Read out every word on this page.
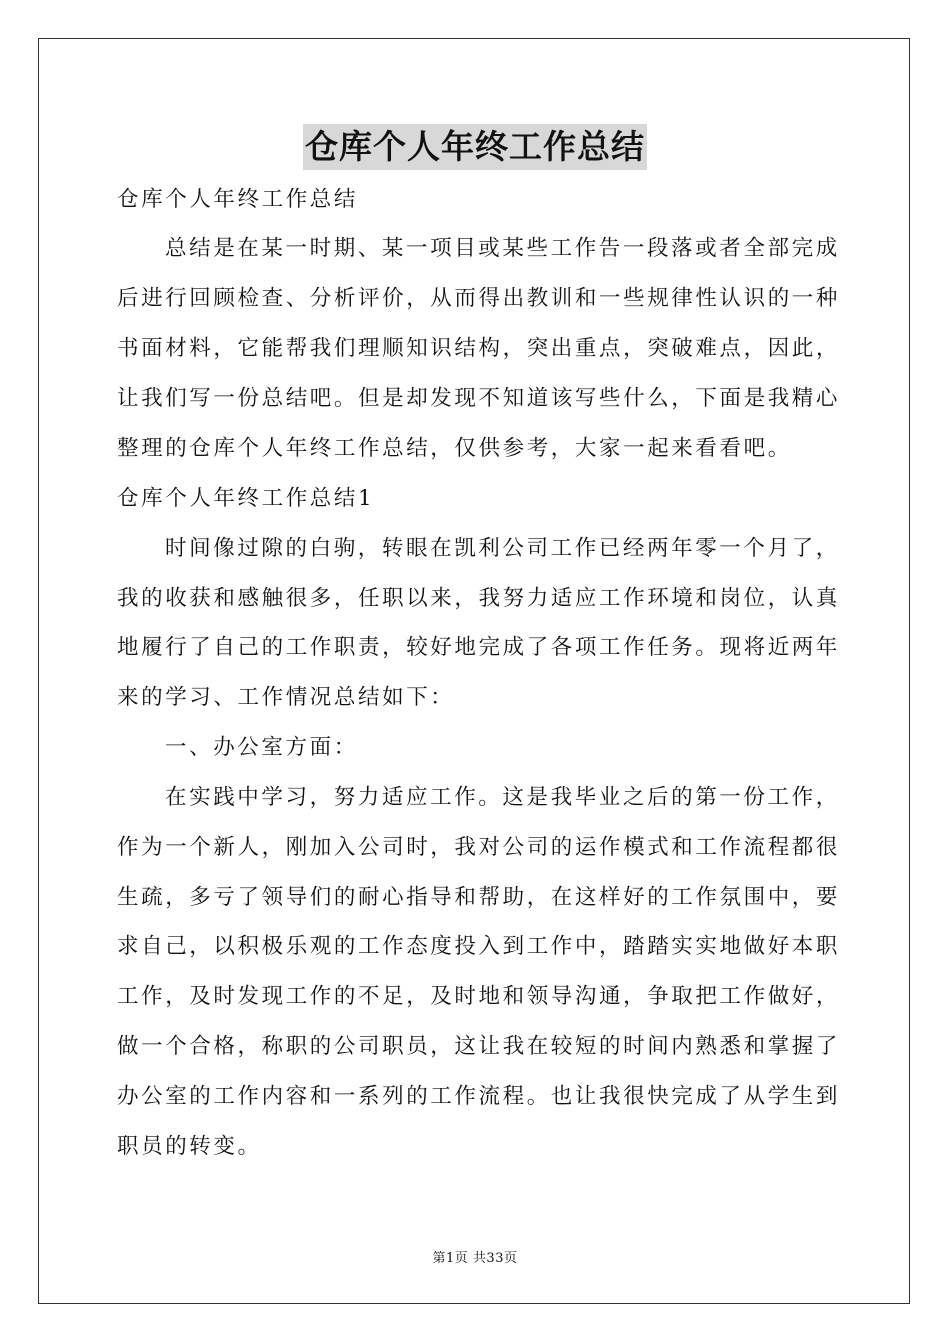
仓库个人年终工作总结
仓库个人年终工作总结
总结是在某一时期、某一项目或某些工作告一段落或者全部完成
后进行回顾检查、分析评价，从而得出教训和一些规律性认识的一种
书面材料，它能帮我们理顺知识结构，突出重点，突破难点，因此，
让我们写一份总结吧。但是却发现不知道该写些什么，下面是我精心
整理的仓库个人年终工作总结，仅供参考，大家一起来看看吧。
仓库个人年终工作总结1
时间像过隙的白驹，转眼在凯利公司工作已经两年零一个月了，
我的收获和感触很多，任职以来，我努力适应工作环境和岗位，认真
地履行了自己的工作职责，较好地完成了各项工作任务。现将近两年
来的学习、工作情况总结如下：
一、办公室方面：
在实践中学习，努力适应工作。这是我毕业之后的第一份工作，
作为一个新人，刚加入公司时，我对公司的运作模式和工作流程都很
生疏，多亏了领导们的耐心指导和帮助，在这样好的工作氛围中，要
求自己，以积极乐观的工作态度投入到工作中，踏踏实实地做好本职
工作，及时发现工作的不足，及时地和领导沟通，争取把工作做好，
做一个合格，称职的公司职员，这让我在较短的时间内熟悉和掌握了
办公室的工作内容和一系列的工作流程。也让我很快完成了从学生到
职员的转变。
第1页 共33页
